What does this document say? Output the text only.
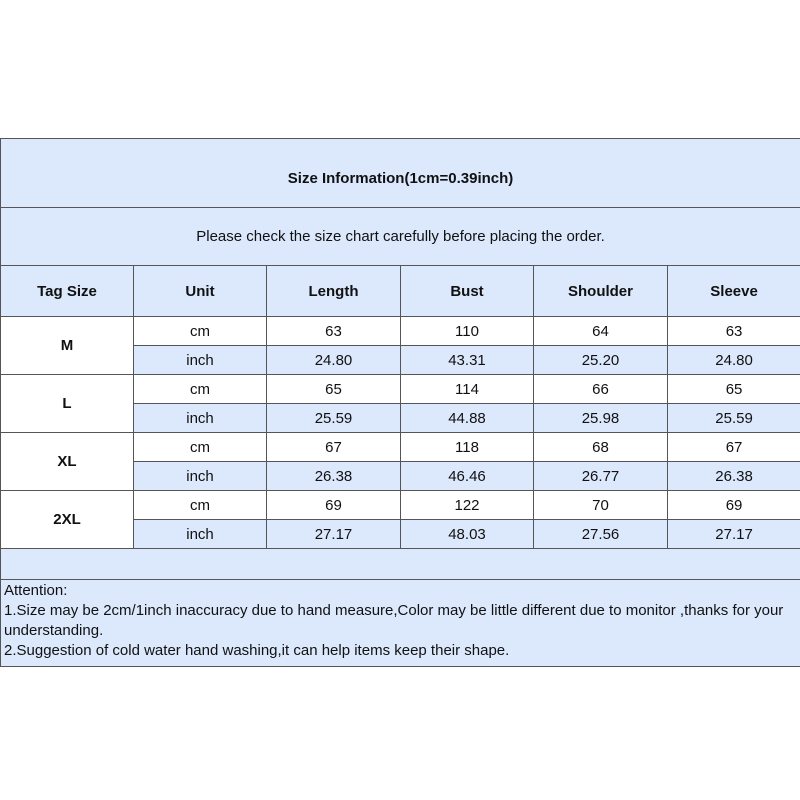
Size Information(1cm=0.39inch)					
Please check the size chart carefully before placing the order.					
Tag Size	Unit	Length	Bust	Shoulder	Sleeve
M	cm	63	110	64	63
	inch	24.80	43.31	25.20	24.80
L	cm	65	114	66	65
	inch	25.59	44.88	25.98	25.59
XL	cm	67	118	68	67
	inch	26.38	46.46	26.77	26.38
2XL	cm	69	122	70	69
	inch	27.17	48.03	27.56	27.17

Attention:
1.Size may be 2cm/1inch inaccuracy due to hand measure,Color may be little different due to monitor ,thanks for your understanding.
2.Suggestion of cold water hand washing,it can help items keep their shape.					
